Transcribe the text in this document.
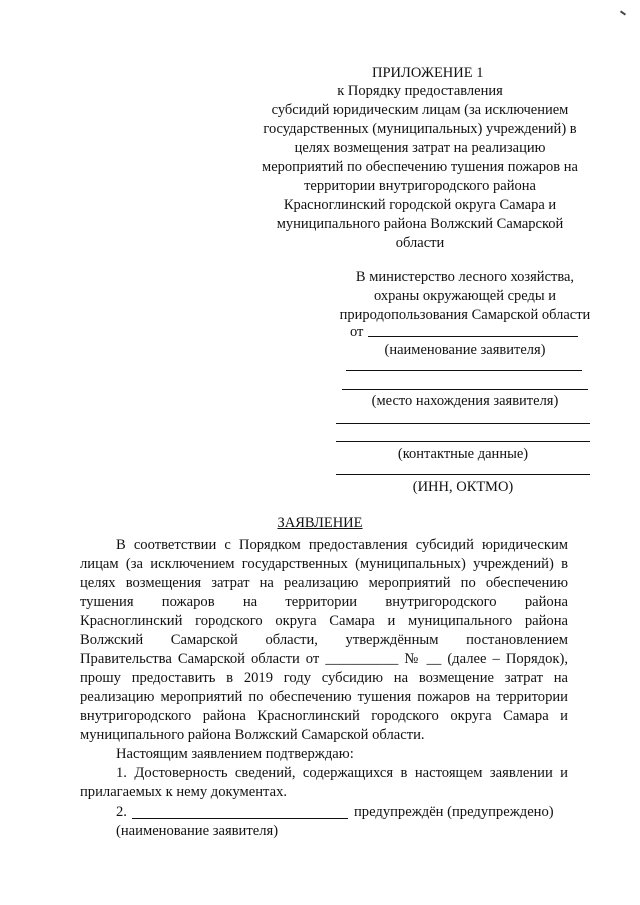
ПРИЛОЖЕНИЕ 1
к Порядку предоставления
субсидий юридическим лицам (за исключением
государственных (муниципальных) учреждений) в
целях возмещения затрат на реализацию
мероприятий по обеспечению тушения пожаров на
территории внутригородского района
Красноглинский городской округа Самара и
муниципального района Волжский Самарской
области
В министерство лесного хозяйства,
охраны окружающей среды и
природопользования Самарской области
от
(наименование заявителя)
(место нахождения заявителя)
(контактные данные)
(ИНН, ОКТМО)
ЗАЯВЛЕНИЕ
В соответствии с Порядком предоставления субсидий юридическим
лицам (за исключением государственных (муниципальных) учреждений) в
целях возмещения затрат на реализацию мероприятий по обеспечению
тушения пожаров на территории внутригородского района
Красноглинский городского округа Самара и муниципального района
Волжский Самарской области, утверждённым постановлением
Правительства Самарской области от __________ № __ (далее – Порядок),
прошу предоставить в 2019 году субсидию на возмещение затрат на
реализацию мероприятий по обеспечению тушения пожаров на территории
внутригородского района Красноглинский городского округа Самара и
муниципального района Волжский Самарской области.
Настоящим заявлением подтверждаю:
1. Достоверность сведений, содержащихся в настоящем заявлении и
прилагаемых к нему документах.
2.	предупреждён (предупреждено)
(наименование заявителя)
